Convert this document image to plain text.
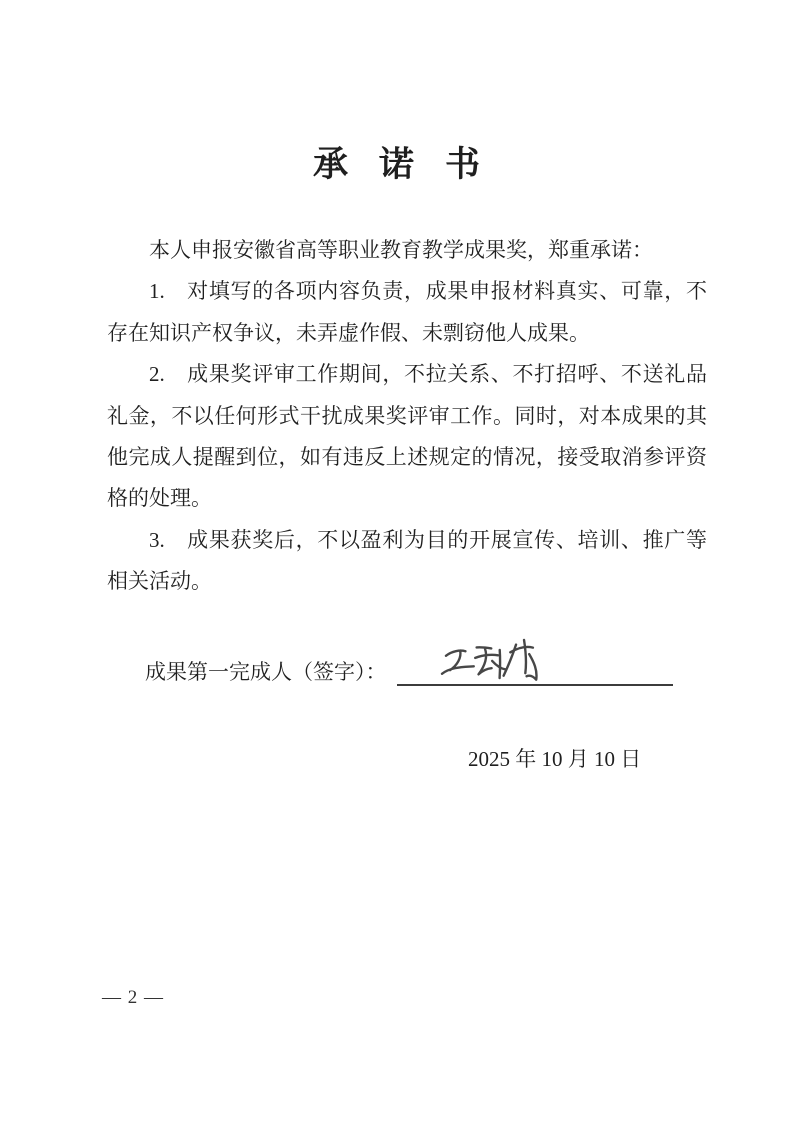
承诺书

本人申报安徽省高等职业教育教学成果奖，郑重承诺：

1.　对填写的各项内容负责，成果申报材料真实、可靠，不存在知识产权争议，未弄虚作假、未剽窃他人成果。

2.　成果奖评审工作期间，不拉关系、不打招呼、不送礼品礼金，不以任何形式干扰成果奖评审工作。同时，对本成果的其他完成人提醒到位，如有违反上述规定的情况，接受取消参评资格的处理。

3.　成果获奖后，不以盈利为目的开展宣传、培训、推广等相关活动。

成果第一完成人（签字）：
2025 年 10 月 10 日
— 2 —
